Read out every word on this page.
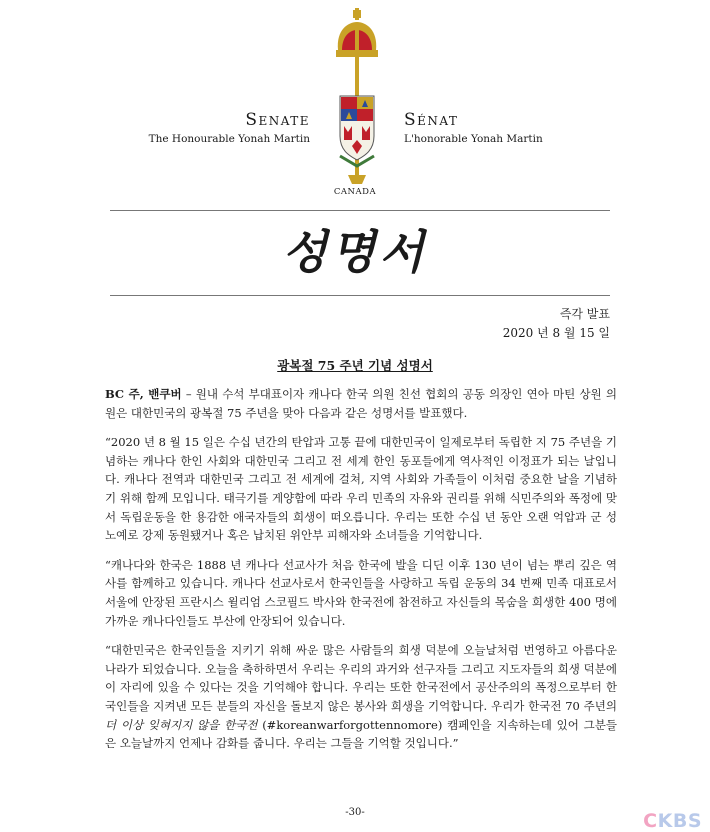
Senate	Sénat
The Honourable Yonah Martin	L'honorable Yonah Martin
CANADA
성명서
즉각 발표
2020 년 8 월 15 일
광복절 75 주년 기념 성명서

BC 주, 밴쿠버 – 원내 수석 부대표이자 캐나다 한국 의원 친선 협회의 공동 의장인 연아 마틴 상원 의원은 대한민국의 광복절 75 주년을 맞아 다음과 같은 성명서를 발표했다.

“2020 년 8 월 15 일은 수십 년간의 탄압과 고통 끝에 대한민국이 일제로부터 독립한 지 75 주년을 기념하는 캐나다 한인 사회와 대한민국 그리고 전 세계 한인 동포들에게 역사적인 이정표가 되는 날입니다. 캐나다 전역과 대한민국 그리고 전 세계에 걸쳐, 지역 사회와 가족들이 이처럼 중요한 날을 기념하기 위해 함께 모입니다. 태극기를 게양함에 따라 우리 민족의 자유와 권리를 위해 식민주의와 폭정에 맞서 독립운동을 한 용감한 애국자들의 희생이 떠오릅니다. 우리는 또한 수십 년 동안 오랜 억압과 군 성 노예로 강제 동원됐거나 혹은 납치된 위안부 피해자와 소녀들을 기억합니다.

“캐나다와 한국은 1888 년 캐나다 선교사가 처음 한국에 발을 디딘 이후 130 년이 넘는 뿌리 깊은 역사를 함께하고 있습니다. 캐나다 선교사로서 한국인들을 사랑하고 독립 운동의 34 번째 민족 대표로서 서울에 안장된 프란시스 윌리엄 스코필드 박사와 한국전에 참전하고 자신들의 목숨을 희생한 400 명에 가까운 캐나다인들도 부산에 안장되어 있습니다.

“대한민국은 한국인들을 지키기 위해 싸운 많은 사람들의 희생 덕분에 오늘날처럼 번영하고 아름다운 나라가 되었습니다. 오늘을 축하하면서 우리는 우리의 과거와 선구자들 그리고 지도자들의 희생 덕분에 이 자리에 있을 수 있다는 것을 기억해야 합니다. 우리는 또한 한국전에서 공산주의의 폭정으로부터 한국인들을 지켜낸 모든 분들의 자신을 돌보지 않은 봉사와 희생을 기억합니다. 우리가 한국전 70 주년의 더 이상 잊혀지지 않을 한국전 (#koreanwarforgottennomore) 캠페인을 지속하는데 있어 그분들은 오늘날까지 언제나 감화를 줍니다. 우리는 그들을 기억할 것입니다.”

-30-	CKBS
